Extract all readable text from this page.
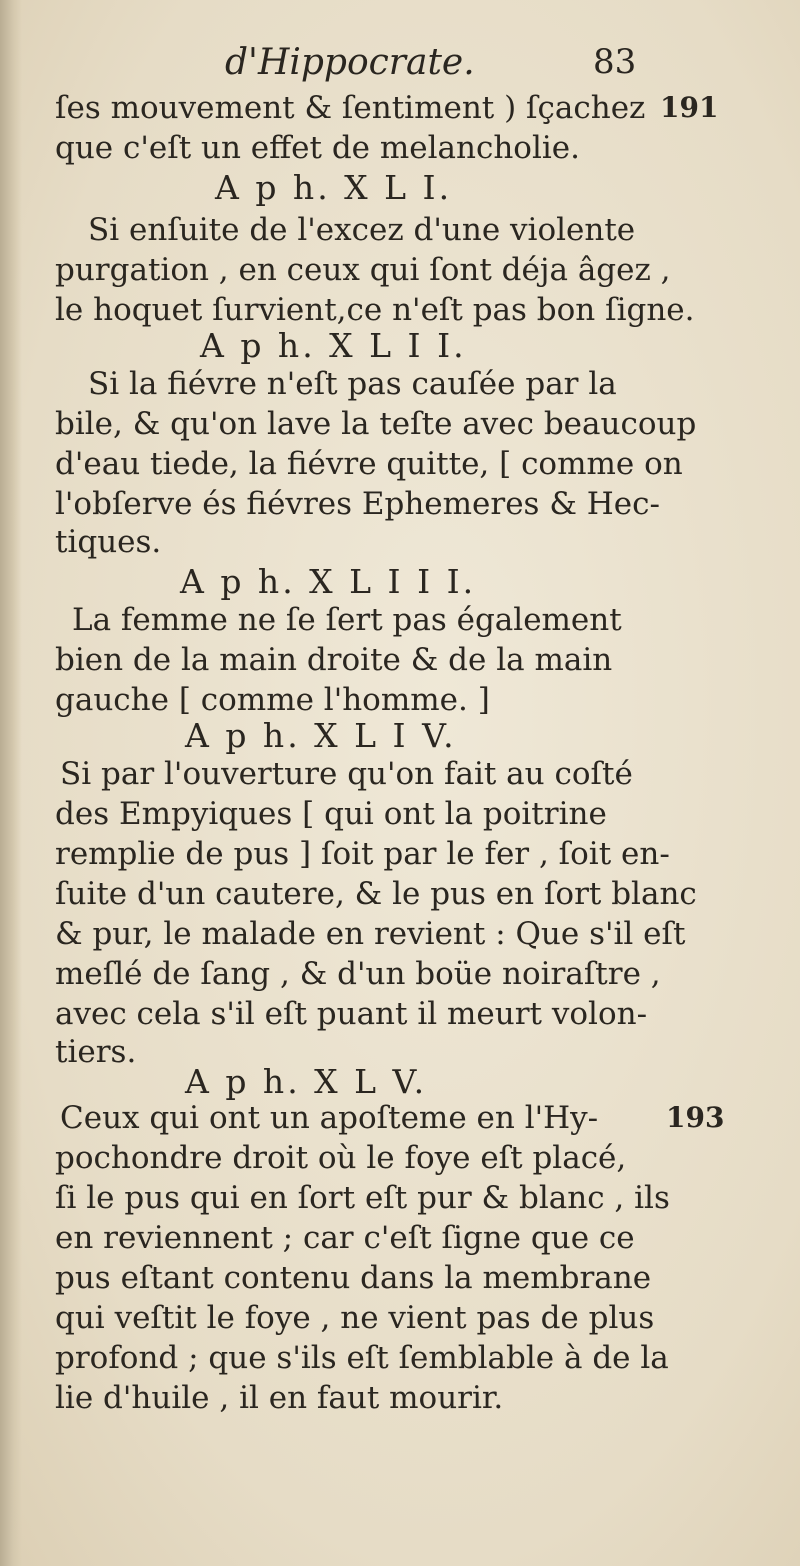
d'Hippocrate.	83
191
193
ſes mouvement & ſentiment ) ſçachez
que c'eſt un effet de melancholie.
A p h. X L I.
Si enſuite de l'excez d'une violente
purgation , en ceux qui ſont déja âgez ,
le hoquet ſurvient,ce n'eſt pas bon ſigne.
A p h. X L I I.
Si la fiévre n'eſt pas cauſée par la
bile, & qu'on lave la teſte avec beaucoup
d'eau tiede, la fiévre quitte, [ comme on
l'obſerve és fiévres Ephemeres & Hec-
tiques.
A p h. X L I I I.
La femme ne ſe ſert pas également
bien de la main droite & de la main
gauche [ comme l'homme. ]
A p h. X L I V.
Si par l'ouverture qu'on fait au coſté
des Empyiques [ qui ont la poitrine
remplie de pus ] ſoit par le fer , ſoit en-
ſuite d'un cautere, & le pus en ſort blanc
& pur, le malade en revient : Que s'il eſt
meſlé de ſang , & d'un boüe noiraſtre ,
avec cela s'il eſt puant il meurt volon-
tiers.
A p h. X L V.
Ceux qui ont un apoſteme en l'Hy-
pochondre droit où le foye eſt placé,
ſi le pus qui en ſort eſt pur & blanc , ils
en reviennent ; car c'eſt ſigne que ce
pus eſtant contenu dans la membrane
qui veſtit le foye , ne vient pas de plus
profond ; que s'ils eſt ſemblable à de la
lie d'huile , il en faut mourir.
